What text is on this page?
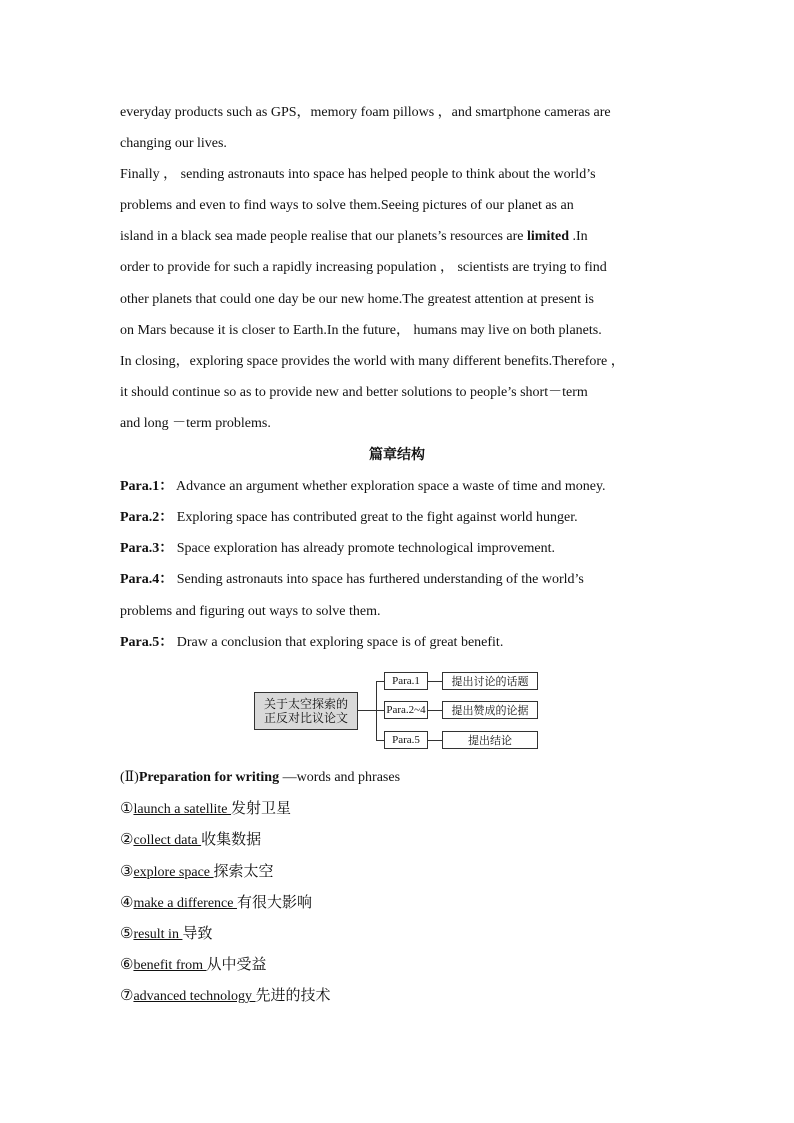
everyday products such as GPS，memory foam pillows ，and smartphone cameras are
changing our lives.
Finally ， sending astronauts into space has helped people to think about the world’s
problems and even to find ways to solve them.Seeing pictures of our planet as an
island in a black sea made people realise that our planets’s resources are limited .In
order to provide for such a rapidly increasing population ， scientists are trying to find
other planets that could one day be our new home.The greatest attention at present is
on Mars because it is closer to Earth.In the future， humans may live on both planets.
In closing，exploring space provides the world with many different benefits.Therefore ，
it should continue so as to provide new and better solutions to people’s short－term
and long －term problems.
篇章结构
Para.1： Advance an argument whether exploration space a waste of time and money.
Para.2： Exploring space has contributed great to the fight against world hunger.
Para.3： Space exploration has already promote technological improvement.
Para.4： Sending astronauts into space has furthered understanding of the world’s
problems and figuring out ways to solve them.
Para.5： Draw a conclusion that exploring space is of great benefit.
关于太空探索的
正反对比议论文
Para.1	提出讨论的话题
Para.2~4	提出赞成的论据
Para.5	提出结论
(Ⅱ)Preparation for writing —words and phrases
①launch a satellite 发射卫星
②collect data 收集数据
③explore space 探索太空
④make a difference 有很大影响
⑤result in 导致
⑥benefit from 从中受益
⑦advanced technology 先进的技术
